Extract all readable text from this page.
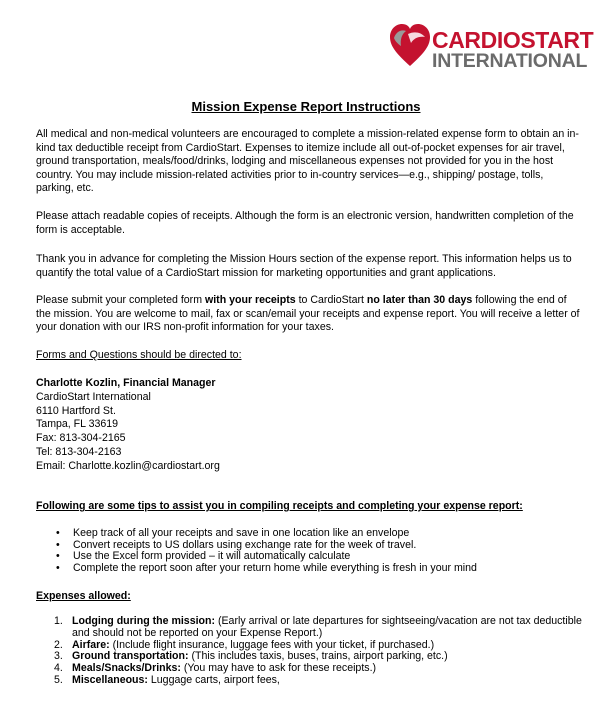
CARDIOSTART
INTERNATIONAL
Mission Expense Report Instructions

All medical and non-medical volunteers are encouraged to complete a mission-related expense form to obtain an in-kind tax deductible receipt from CardioStart. Expenses to itemize include all out-of-pocket expenses for air travel, ground transportation, meals/food/drinks, lodging and miscellaneous expenses not provided for you in the host country. You may include mission-related activities prior to in-country services—e.g., shipping/ postage, tolls, parking, etc.

Please attach readable copies of receipts. Although the form is an electronic version, handwritten completion of the form is acceptable.

Thank you in advance for completing the Mission Hours section of the expense report. This information helps us to quantify the total value of a CardioStart mission for marketing opportunities and grant applications.

Please submit your completed form with your receipts to CardioStart no later than 30 days following the end of the mission. You are welcome to mail, fax or scan/email your receipts and expense report. You will receive a letter of your donation with our IRS non-profit information for your taxes.

Forms and Questions should be directed to:
Charlotte Kozlin, Financial Manager
CardioStart International
6110 Hartford St.
Tampa, FL 33619
Fax: 813-304-2165
Tel: 813-304-2163
Email: Charlotte.kozlin@cardiostart.org
Following are some tips to assist you in compiling receipts and completing your expense report:
• Keep track of all your receipts and save in one location like an envelope
• Convert receipts to US dollars using exchange rate for the week of travel.
• Use the Excel form provided – it will automatically calculate
• Complete the report soon after your return home while everything is fresh in your mind
Expenses allowed:
1. Lodging during the mission: (Early arrival or late departures for sightseeing/vacation are not tax deductible and should not be reported on your Expense Report.)
2. Airfare: (Include flight insurance, luggage fees with your ticket, if purchased.)
3. Ground transportation: (This includes taxis, buses, trains, airport parking, etc.)
4. Meals/Snacks/Drinks: (You may have to ask for these receipts.)
5. Miscellaneous: Luggage carts, airport fees,
